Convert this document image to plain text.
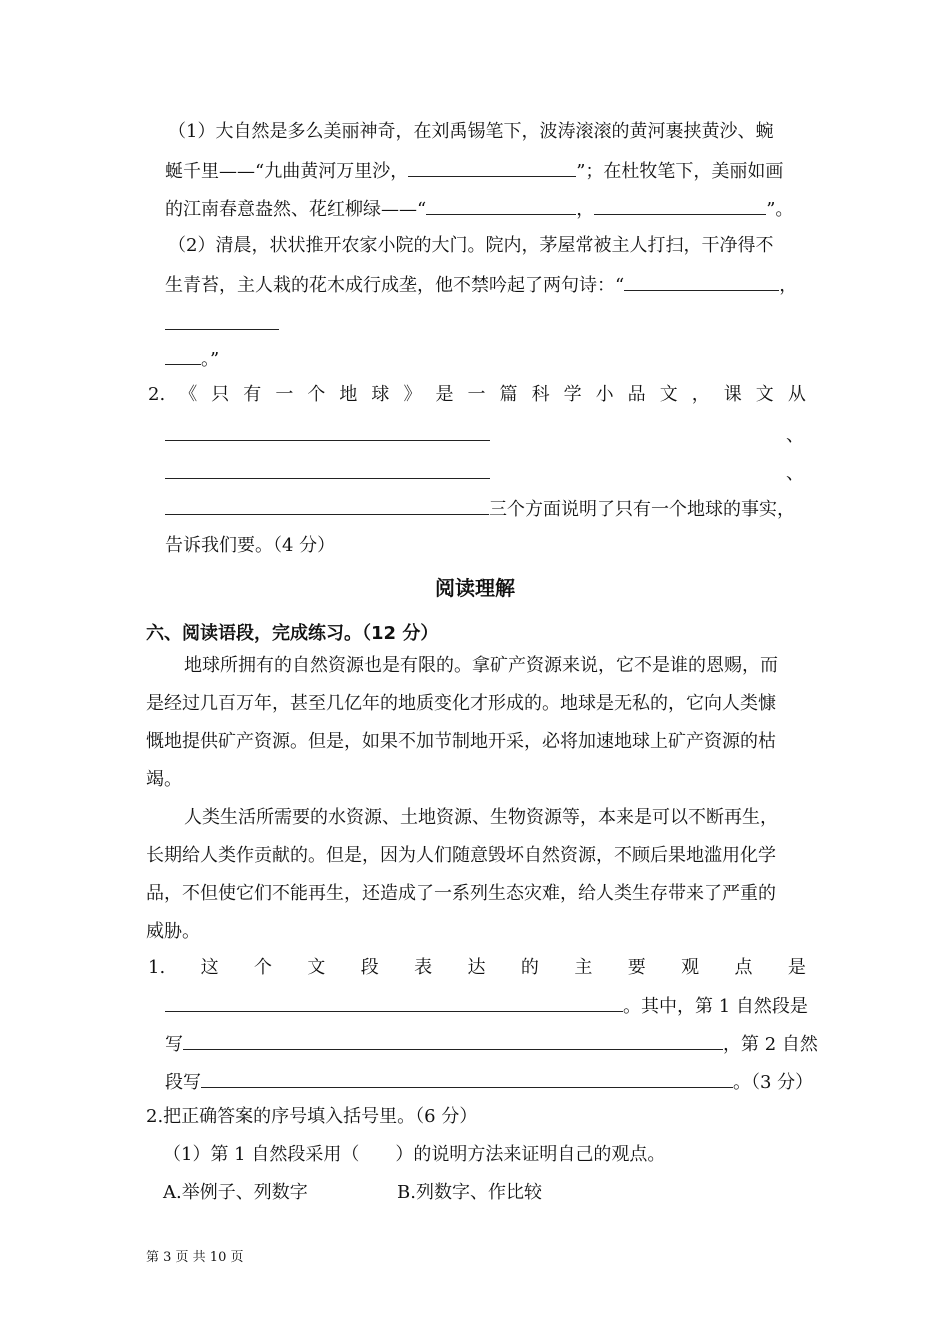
（1）大自然是多么美丽神奇，在刘禹锡笔下，波涛滚滚的黄河裹挟黄沙、蜿
蜒千里——“九曲黄河万里沙，	”；在杜牧笔下，美丽如画
的江南春意盎然、花红柳绿——“	，	”。
（2）清晨，状状推开农家小院的大门。院内，茅屋常被主人打扫，干净得不
生青苔，主人栽的花木成行成垄，他不禁吟起了两句诗：“	，
。”
2. 《 只 有 一 个 地 球 》 是 一 篇 科 学 小 品 文 ， 课 文 从
、
、
三个方面说明了只有一个地球的事实，
告诉我们要。（4 分）
阅读理解
六、阅读语段，完成练习。（12 分）
地球所拥有的自然资源也是有限的。拿矿产资源来说，它不是谁的恩赐，而
是经过几百万年，甚至几亿年的地质变化才形成的。地球是无私的，它向人类慷
慨地提供矿产资源。但是，如果不加节制地开采，必将加速地球上矿产资源的枯
竭。
人类生活所需要的水资源、土地资源、生物资源等，本来是可以不断再生，
长期给人类作贡献的。但是，因为人们随意毁坏自然资源，不顾后果地滥用化学
品，不但使它们不能再生，还造成了一系列生态灾难，给人类生存带来了严重的
威胁。
1. 这 个 文 段 表 达 的 主 要 观 点 是
。其中，第 1 自然段是
写	，第 2 自然
段写	。（3 分）
2.把正确答案的序号填入括号里。（6 分）
（1）第 1 自然段采用（　　）的说明方法来证明自己的观点。
A.举例子、列数字	B.列数字、作比较
第 3 页 共 10 页
